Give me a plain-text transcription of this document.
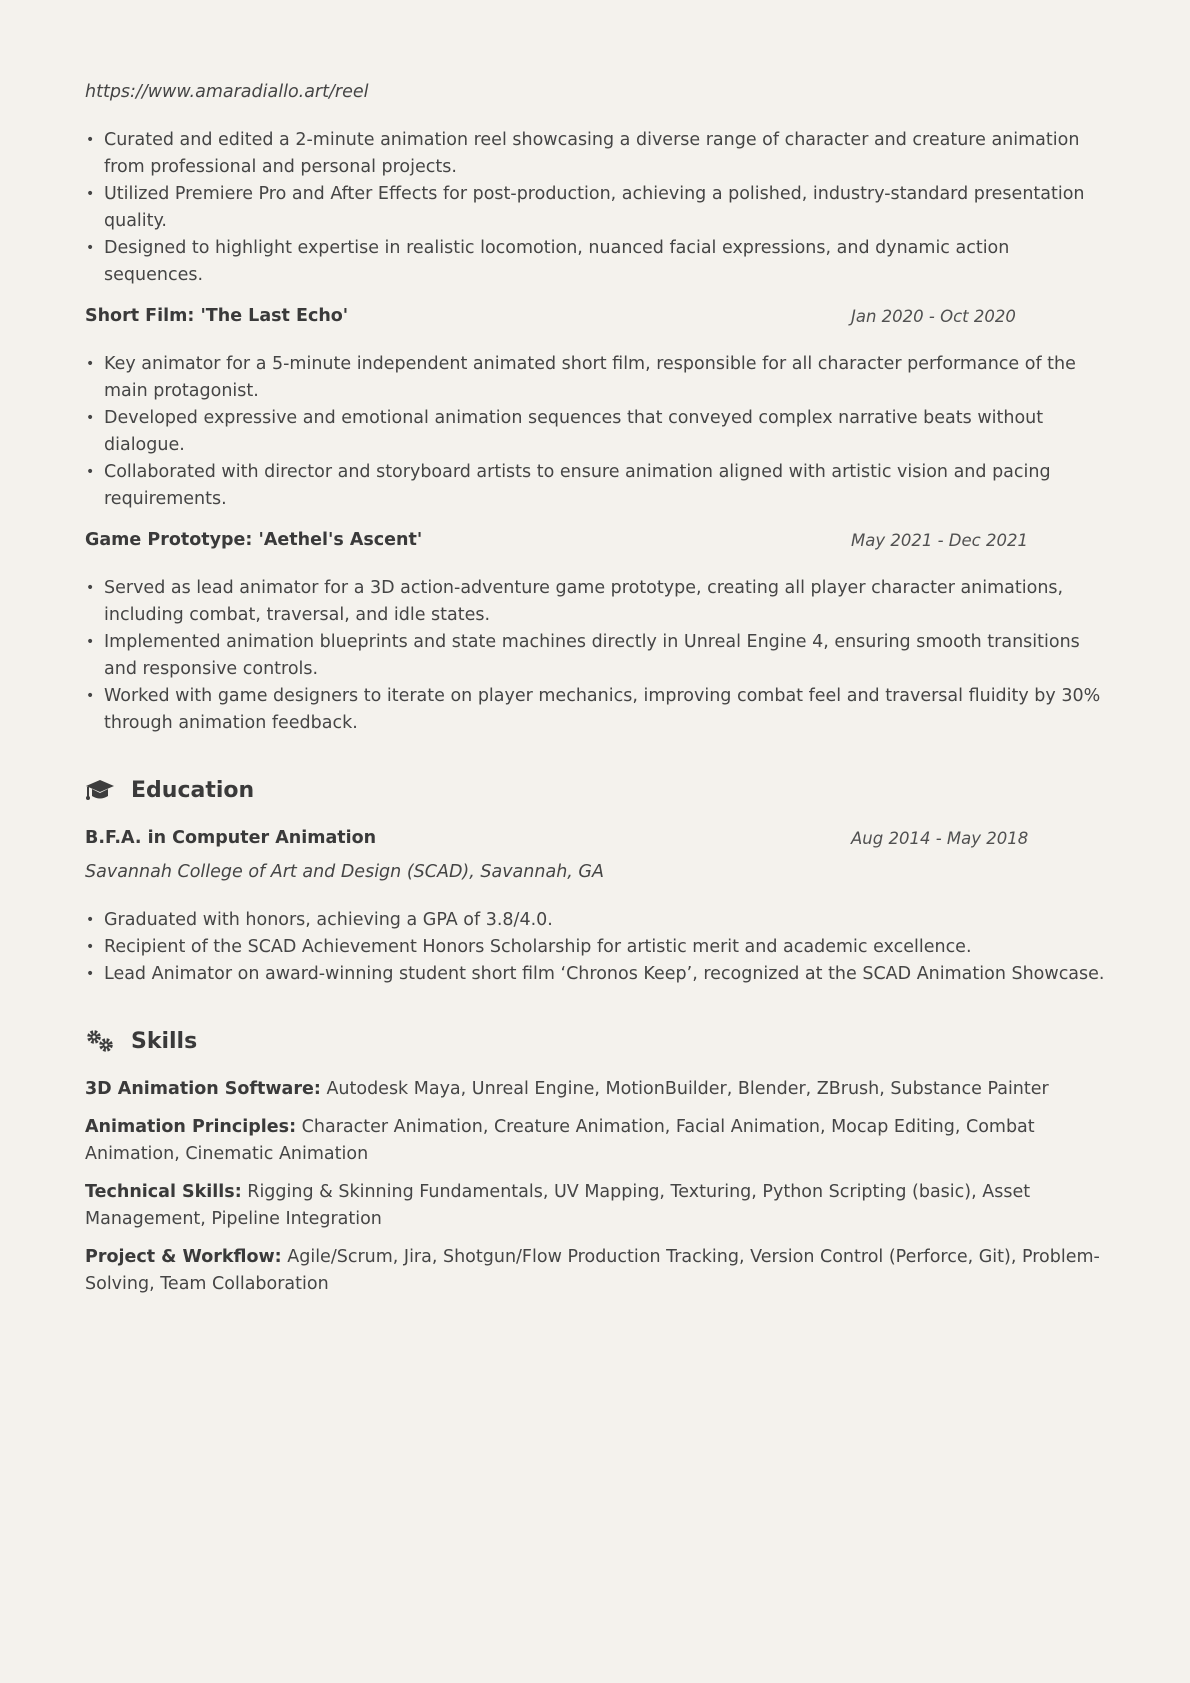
https://www.amaradiallo.art/reel
• Curated and edited a 2-minute animation reel showcasing a diverse range of character and creature animation from professional and personal projects.
• Utilized Premiere Pro and After Effects for post-production, achieving a polished, industry-standard presentation quality.
• Designed to highlight expertise in realistic locomotion, nuanced facial expressions, and dynamic action sequences.
Short Film: 'The Last Echo'	Jan 2020 - Oct 2020
• Key animator for a 5-minute independent animated short film, responsible for all character performance of the main protagonist.
• Developed expressive and emotional animation sequences that conveyed complex narrative beats without dialogue.
• Collaborated with director and storyboard artists to ensure animation aligned with artistic vision and pacing requirements.
Game Prototype: 'Aethel's Ascent'	May 2021 - Dec 2021
• Served as lead animator for a 3D action-adventure game prototype, creating all player character animations, including combat, traversal, and idle states.
• Implemented animation blueprints and state machines directly in Unreal Engine 4, ensuring smooth transitions and responsive controls.
• Worked with game designers to iterate on player mechanics, improving combat feel and traversal fluidity by 30% through animation feedback.
Education
B.F.A. in Computer Animation	Aug 2014 - May 2018
Savannah College of Art and Design (SCAD), Savannah, GA
• Graduated with honors, achieving a GPA of 3.8/4.0.
• Recipient of the SCAD Achievement Honors Scholarship for artistic merit and academic excellence.
• Lead Animator on award-winning student short film ‘Chronos Keep’, recognized at the SCAD Animation Showcase.
Skills
3D Animation Software: Autodesk Maya, Unreal Engine, MotionBuilder, Blender, ZBrush, Substance Painter
Animation Principles: Character Animation, Creature Animation, Facial Animation, Mocap Editing, Combat Animation, Cinematic Animation
Technical Skills: Rigging & Skinning Fundamentals, UV Mapping, Texturing, Python Scripting (basic), Asset Management, Pipeline Integration
Project & Workflow: Agile/Scrum, Jira, Shotgun/Flow Production Tracking, Version Control (Perforce, Git), Problem-Solving, Team Collaboration
